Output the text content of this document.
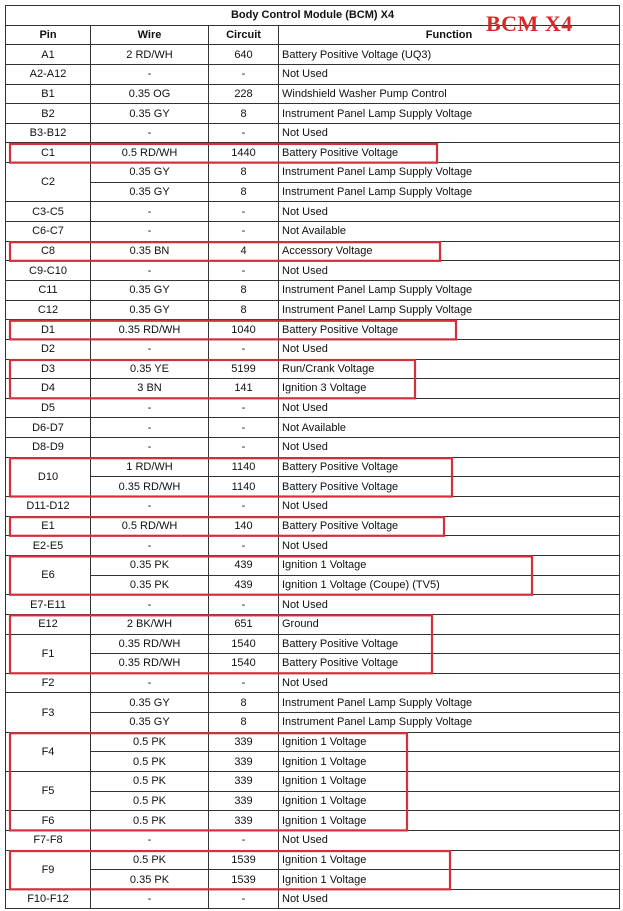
Body Control Module (BCM) X4			
Pin	Wire	Circuit	Function
A1	2 RD/WH	640	Battery Positive Voltage (UQ3)
A2-A12	-	-	Not Used
B1	0.35 OG	228	Windshield Washer Pump Control
B2	0.35 GY	8	Instrument Panel Lamp Supply Voltage
B3-B12	-	-	Not Used
C1	0.5 RD/WH	1440	Battery Positive Voltage
C2	0.35 GY	8	Instrument Panel Lamp Supply Voltage
	0.35 GY	8	Instrument Panel Lamp Supply Voltage
C3-C5	-	-	Not Used
C6-C7	-	-	Not Available
C8	0.35 BN	4	Accessory Voltage
C9-C10	-	-	Not Used
C11	0.35 GY	8	Instrument Panel Lamp Supply Voltage
C12	0.35 GY	8	Instrument Panel Lamp Supply Voltage
D1	0.35 RD/WH	1040	Battery Positive Voltage
D2	-	-	Not Used
D3	0.35 YE	5199	Run/Crank Voltage
D4	3 BN	141	Ignition 3 Voltage
D5	-	-	Not Used
D6-D7	-	-	Not Available
D8-D9	-	-	Not Used
D10	1 RD/WH	1140	Battery Positive Voltage
	0.35 RD/WH	1140	Battery Positive Voltage
D11-D12	-	-	Not Used
E1	0.5 RD/WH	140	Battery Positive Voltage
E2-E5	-	-	Not Used
E6	0.35 PK	439	Ignition 1 Voltage
	0.35 PK	439	Ignition 1 Voltage (Coupe) (TV5)
E7-E11	-	-	Not Used
E12	2 BK/WH	651	Ground
F1	0.35 RD/WH	1540	Battery Positive Voltage
	0.35 RD/WH	1540	Battery Positive Voltage
F2	-	-	Not Used
F3	0.35 GY	8	Instrument Panel Lamp Supply Voltage
	0.35 GY	8	Instrument Panel Lamp Supply Voltage
F4	0.5 PK	339	Ignition 1 Voltage
	0.5 PK	339	Ignition 1 Voltage
F5	0.5 PK	339	Ignition 1 Voltage
	0.5 PK	339	Ignition 1 Voltage
F6	0.5 PK	339	Ignition 1 Voltage
F7-F8	-	-	Not Used
F9	0.5 PK	1539	Ignition 1 Voltage
	0.35 PK	1539	Ignition 1 Voltage
F10-F12	-	-	Not Used
BCM X4
